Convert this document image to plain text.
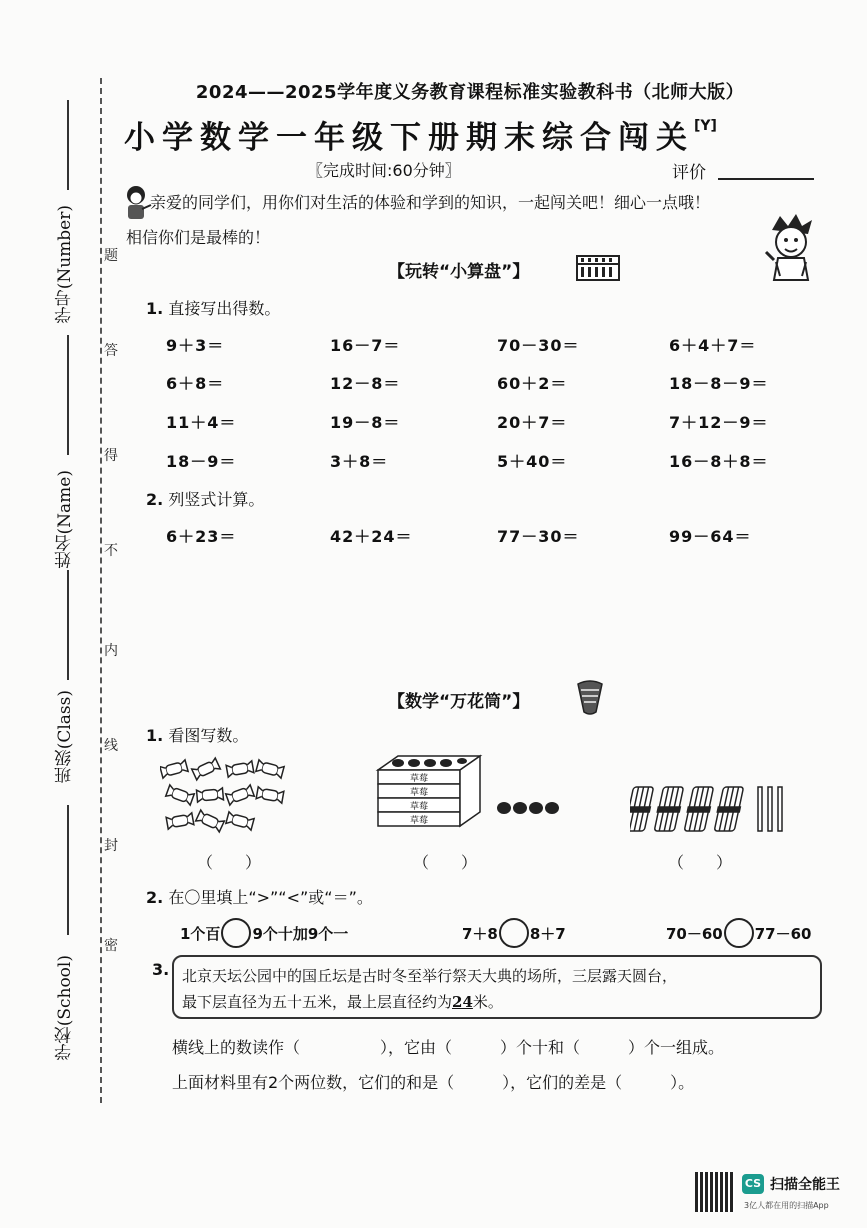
学号(Number)
姓名(Name)
班级(Class)
学校(School)
题
答
得
不
内
线
封
密
2024——2025学年度义务教育课程标准实验教科书（北师大版）
小学数学一年级下册期末综合闯关[Y]
〖完成时间:60分钟〗	评价
亲爱的同学们，用你们对生活的体验和学到的知识，一起闯关吧！细心一点哦！
相信你们是最棒的！
【玩转“小算盘”】
1. 直接写出得数。
9＋3＝	16－7＝	70－30＝	6＋4＋7＝
6＋8＝	12－8＝	60＋2＝	18－8－9＝
11＋4＝	19－8＝	20＋7＝	7＋12－9＝
18－9＝	3＋8＝	5＋40＝	16－8＋8＝
2. 列竖式计算。
6＋23＝	42＋24＝	77－30＝	99－64＝
【数学“万花筒”】
1. 看图写数。
草莓
草莓
草莓
草莓
（　　）	（　　）	（　　）
2. 在〇里填上“>”“<”或“＝”。
1个百 9个十加9个一	7＋8 8＋7	70－60 77－60
3. 北京天坛公园中的国丘坛是古时冬至举行祭天大典的场所，三层露天圆台，
最下层直径为五十五米，最上层直径约为24米。
横线上的数读作（　　　　　），它由（　　　）个十和（　　　）个一组成。
上面材料里有2个两位数，它们的和是（　　　），它们的差是（　　　）。
CS 扫描全能王
3亿人都在用的扫描App
